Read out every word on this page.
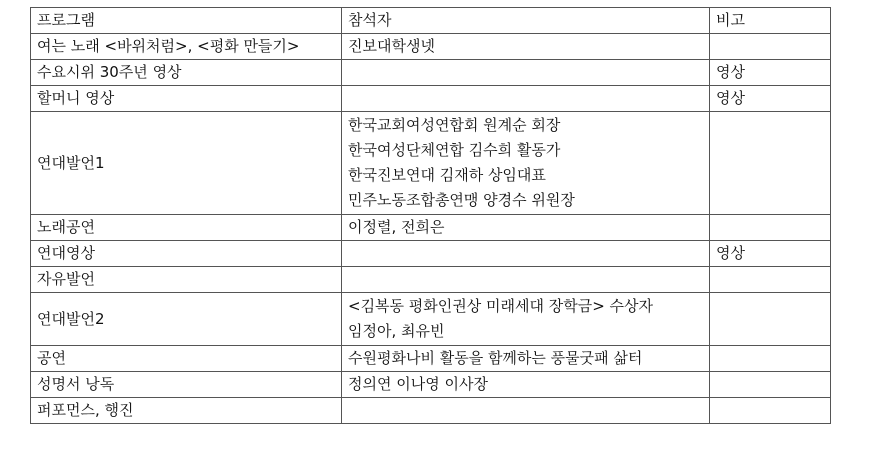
프로그램	참석자	비고
여는 노래 <바위처럼>, <평화 만들기>	진보대학생넷	

수요시위 30주년 영상		영상
할머니 영상		영상
연대발언1	한국교회여성연합회 원계순 회장
한국여성단체연합 김수희 활동가
한국진보연대 김재하 상임대표
민주노동조합총연맹 양경수 위원장	

노래공연	이정렬, 전희은	

연대영상		영상
자유발언	

연대발언2	<김복동 평화인권상 미래세대 장학금> 수상자
임정아, 최유빈	

공연	수원평화나비 활동을 함께하는 풍물굿패 삶터	

성명서 낭독	정의연 이나영 이사장	

퍼포먼스, 행진	
